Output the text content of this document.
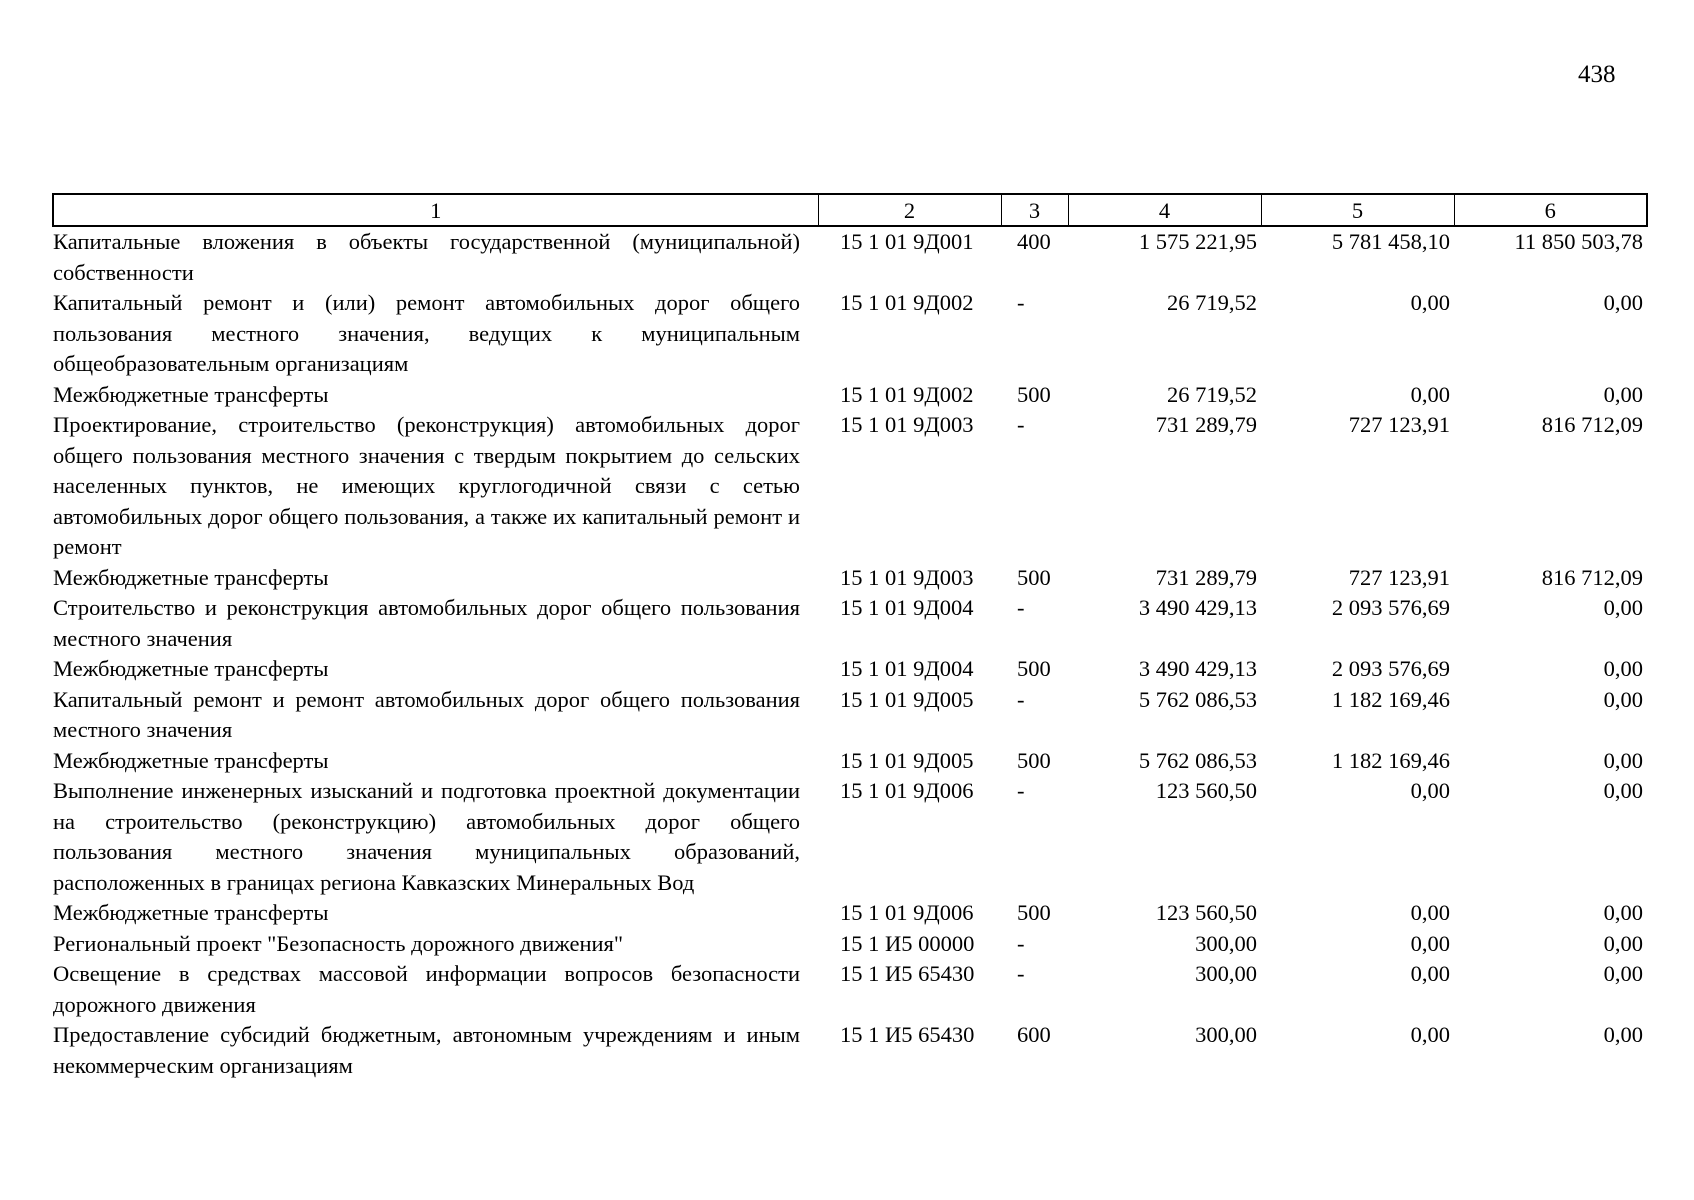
438
1	2	3	4	5	6
Капитальные вложения в объекты государственной (муниципальной) собственности	15 1 01 9Д001	400	1 575 221,95	5 781 458,10	11 850 503,78
Капитальный ремонт и (или) ремонт автомобильных дорог общего пользования местного значения, ведущих к муниципальным общеобразовательным организациям	15 1 01 9Д002	-	26 719,52	0,00	0,00
Межбюджетные трансферты	15 1 01 9Д002	500	26 719,52	0,00	0,00
Проектирование, строительство (реконструкция) автомобильных дорог общего пользования местного значения с твердым покрытием до сельских населенных пунктов, не имеющих круглогодичной связи с сетью автомобильных дорог общего пользования, а также их капитальный ремонт и ремонт	15 1 01 9Д003	-	731 289,79	727 123,91	816 712,09
Межбюджетные трансферты	15 1 01 9Д003	500	731 289,79	727 123,91	816 712,09
Строительство и реконструкция автомобильных дорог общего пользования местного значения	15 1 01 9Д004	-	3 490 429,13	2 093 576,69	0,00
Межбюджетные трансферты	15 1 01 9Д004	500	3 490 429,13	2 093 576,69	0,00
Капитальный ремонт и ремонт автомобильных дорог общего пользования местного значения	15 1 01 9Д005	-	5 762 086,53	1 182 169,46	0,00
Межбюджетные трансферты	15 1 01 9Д005	500	5 762 086,53	1 182 169,46	0,00
Выполнение инженерных изысканий и подготовка проектной документации на строительство (реконструкцию) автомобильных дорог общего пользования местного значения муниципальных образований, расположенных в границах региона Кавказских Минеральных Вод	15 1 01 9Д006	-	123 560,50	0,00	0,00
Межбюджетные трансферты	15 1 01 9Д006	500	123 560,50	0,00	0,00
Региональный проект "Безопасность дорожного движения"	15 1 И5 00000	-	300,00	0,00	0,00
Освещение в средствах массовой информации вопросов безопасности дорожного движения	15 1 И5 65430	-	300,00	0,00	0,00
Предоставление субсидий бюджетным, автономным учреждениям и иным некоммерческим организациям	15 1 И5 65430	600	300,00	0,00	0,00
